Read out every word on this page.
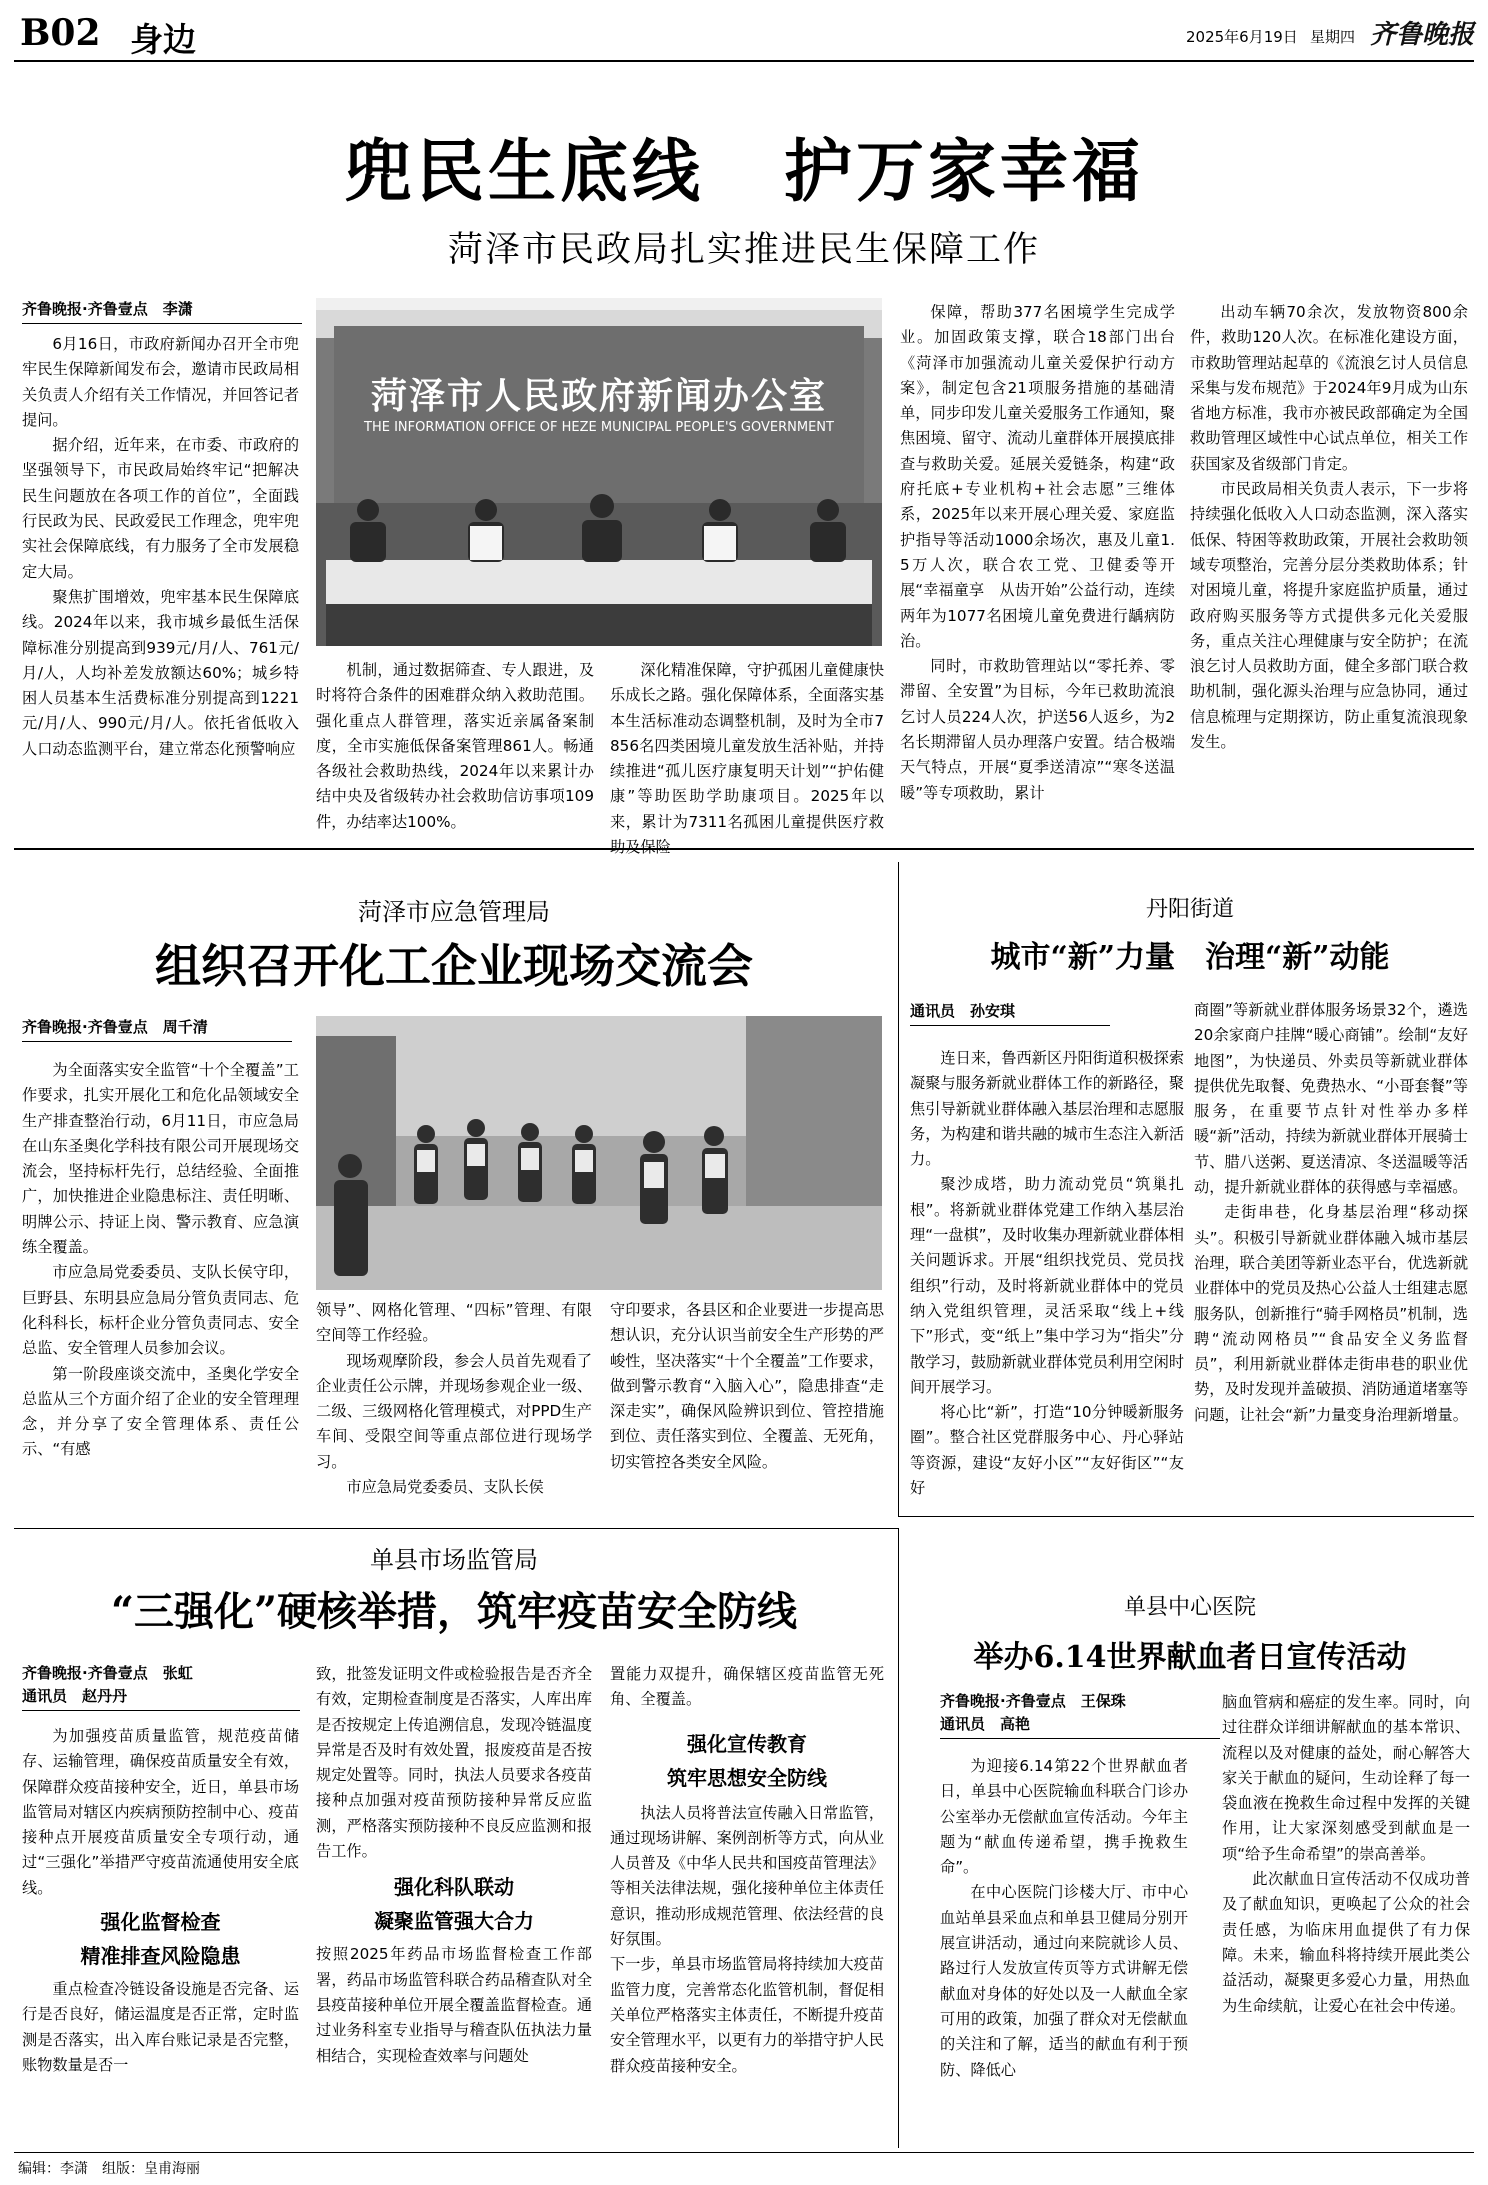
B02 身边	2025年6月19日 星期四 齐鲁晚报
兜民生底线 护万家幸福
菏泽市民政局扎实推进民生保障工作
齐鲁晚报·齐鲁壹点　李潇

6月16日，市政府新闻办召开全市兜牢民生保障新闻发布会，邀请市民政局相关负责人介绍有关工作情况，并回答记者提问。

据介绍，近年来，在市委、市政府的坚强领导下，市民政局始终牢记“把解决民生问题放在各项工作的首位”，全面践行民政为民、民政爱民工作理念，兜牢兜实社会保障底线，有力服务了全市发展稳定大局。

聚焦扩围增效，兜牢基本民生保障底线。2024年以来，我市城乡最低生活保障标准分别提高到939元/月/人、761元/月/人，人均补差发放额达60%；城乡特困人员基本生活费标准分别提高到1221元/月/人、990元/月/人。依托省低收入人口动态监测平台，建立常态化预警响应

菏泽市人民政府新闻办公室
THE INFORMATION OFFICE OF HEZE MUNICIPAL PEOPLE'S GOVERNMENT

机制，通过数据筛查、专人跟进，及时将符合条件的困难群众纳入救助范围。强化重点人群管理，落实近亲属备案制度，全市实施低保备案管理861人。畅通各级社会救助热线，2024年以来累计办结中央及省级转办社会救助信访事项109件，办结率达100%。

深化精准保障，守护孤困儿童健康快乐成长之路。强化保障体系，全面落实基本生活标准动态调整机制，及时为全市7856名四类困境儿童发放生活补贴，并持续推进“孤儿医疗康复明天计划”“护佑健康”等助医助学助康项目。2025年以来，累计为7311名孤困儿童提供医疗救

保障，帮助377名困境学生完成学业。加固政策支撑，联合18部门出台《菏泽市加强流动儿童关爱保护行动方案》，制定包含21项服务措施的基础清单，同步印发儿童关爱服务工作通知，聚焦困境、留守、流动儿童群体开展摸底排查与救助关爱。延展关爱链条，构建“政府托底+专业机构+社会志愿”三维体系，2025年以来开展心理关爱、家庭监护指导等活动1000余场次，惠及儿童1.5万人次，联合农工党、卫健委等开展“幸福童享　从齿开始”公益行动，连续两年为1077名困境儿童免费进行龋病防治。

同时，市救助管理站以“零托养、零滞留、全安置”为目标，今年已救助流浪乞讨人员224人次，护送56人返乡，为2名长期滞留人员办理落户安置。结合极端天气特点，开展“夏季送清凉”“寒冬送温暖”等专项救助，累计

出动车辆70余次，发放物资800余件，救助120人次。在标准化建设方面，市救助管理站起草的《流浪乞讨人员信息采集与发布规范》于2024年9月成为山东省地方标准，我市亦被民政部确定为全国救助管理区域性中心试点单位，相关工作获国家及省级部门肯定。

市民政局相关负责人表示，下一步将持续强化低收入人口动态监测，深入落实低保、特困等救助政策，开展社会救助领域专项整治，完善分层分类救助体系；针对困境儿童，将提升家庭监护质量，通过政府购买服务等方式提供多元化关爱服务，重点关注心理健康与安全防护；在流浪乞讨人员救助方面，健全多部门联合救助机制，强化源头治理与应急协同，通过信息梳理与定期探访，防止重复流浪现象发生。

菏泽市应急管理局
组织召开化工企业现场交流会
齐鲁晚报·齐鲁壹点　周千清

为全面落实安全监管“十个全覆盖”工作要求，扎实开展化工和危化品领域安全生产排查整治行动，6月11日，市应急局在山东圣奥化学科技有限公司开展现场交流会，坚持标杆先行，总结经验、全面推广，加快推进企业隐患标注、责任明晰、明牌公示、持证上岗、警示教育、应急演练全覆盖。

市应急局党委委员、支队长侯守印，巨野县、东明县应急局分管负责同志、危化科科长，标杆企业分管负责同志、安全总监、安全管理人员参加会议。

第一阶段座谈交流中，圣奥化学安全总监从三个方面介绍了企业的安全管理理念，并分享了安全管理体系、责任公示、“有感

领导”、网格化管理、“四标”管理、有限空间等工作经验。

现场观摩阶段，参会人员首先观看了企业责任公示牌，并现场参观企业一级、二级、三级网格化管理模式，对PPD生产车间、受限空间等重点部位进行现场学习。

市应急局党委委员、支队长侯

守印要求，各县区和企业要进一步提高思想认识，充分认识当前安全生产形势的严峻性，坚决落实“十个全覆盖”工作要求，做到警示教育“入脑入心”，隐患排查“走深走实”，确保风险辨识到位、管控措施到位、责任落实到位、全覆盖、无死角，切实管控各类安全风险。

丹阳街道
城市“新”力量　治理“新”动能
通讯员　孙安琪

连日来，鲁西新区丹阳街道积极探索凝聚与服务新就业群体工作的新路径，聚焦引导新就业群体融入基层治理和志愿服务，为构建和谐共融的城市生态注入新活力。

聚沙成塔，助力流动党员“筑巢扎根”。将新就业群体党建工作纳入基层治理“一盘棋”，及时收集办理新就业群体相关问题诉求。开展“组织找党员、党员找组织”行动，及时将新就业群体中的党员纳入党组织管理，灵活采取“线上+线下”形式，变“纸上”集中学习为“指尖”分散学习，鼓励新就业群体党员利用空闲时间开展学习。

将心比“新”，打造“10分钟暖新服务圈”。整合社区党群服务中心、丹心驿站等资源，建设“友好小区”“友好街区”“友好

商圈”等新就业群体服务场景32个，遴选20余家商户挂牌“暖心商铺”。绘制“友好地图”，为快递员、外卖员等新就业群体提供优先取餐、免费热水、“小哥套餐”等服务，在重要节点针对性举办多样暖“新”活动，持续为新就业群体开展骑士节、腊八送粥、夏送清凉、冬送温暖等活动，提升新就业群体的获得感与幸福感。

走街串巷，化身基层治理“移动探头”。积极引导新就业群体融入城市基层治理，联合美团等新业态平台，优选新就业群体中的党员及热心公益人士组建志愿服务队，创新推行“骑手网格员”机制，选聘“流动网格员”“食品安全义务监督员”，利用新就业群体走街串巷的职业优势，及时发现并盖破损、消防通道堵塞等问题，让社会“新”力量变身治理新增量。

单县市场监管局
“三强化”硬核举措，筑牢疫苗安全防线
齐鲁晚报·齐鲁壹点　张虹
通讯员　赵丹丹

为加强疫苗质量监管，规范疫苗储存、运输管理，确保疫苗质量安全有效，保障群众疫苗接种安全，近日，单县市场监管局对辖区内疾病预防控制中心、疫苗接种点开展疫苗质量安全专项行动，通过“三强化”举措严守疫苗流通使用安全底线。

强化监督检查
精准排查风险隐患

重点检查冷链设备设施是否完备、运行是否良好，储运温度是否正常，定时监测是否落实，出入库台账记录是否完整，账物数量是否一

致，批签发证明文件或检验报告是否齐全有效，定期检查制度是否落实，人库出库是否按规定上传追溯信息，发现冷链温度异常是否及时有效处置，报废疫苗是否按规定处置等。同时，执法人员要求各疫苗接种点加强对疫苗预防接种异常反应监测，严格落实预防接种不良反应监测和报告工作。

强化科队联动
凝聚监管强大合力

按照2025年药品市场监督检查工作部署，药品市场监管科联合药品稽查队对全县疫苗接种单位开展全覆盖监督检查。通过业务科室专业指导与稽查队伍执法力量相结合，实现检查效率与问题处

置能力双提升，确保辖区疫苗监管无死角、全覆盖。

强化宣传教育
筑牢思想安全防线

执法人员将普法宣传融入日常监管，通过现场讲解、案例剖析等方式，向从业人员普及《中华人民共和国疫苗管理法》等相关法律法规，强化接种单位主体责任意识，推动形成规范管理、依法经营的良好氛围。
下一步，单县市场监管局将持续加大疫苗监管力度，完善常态化监管机制，督促相关单位严格落实主体责任，不断提升疫苗安全管理水平，以更有力的举措守护人民群众疫苗接种安全。

单县中心医院
举办6.14世界献血者日宣传活动
齐鲁晚报·齐鲁壹点　王保珠
通讯员　高艳

为迎接6.14第22个世界献血者日，单县中心医院输血科联合门诊办公室举办无偿献血宣传活动。今年主题为“献血传递希望，携手挽救生命”。

在中心医院门诊楼大厅、市中心血站单县采血点和单县卫健局分别开展宣讲活动，通过向来院就诊人员、路过行人发放宣传页等方式讲解无偿献血对身体的好处以及一人献血全家可用的政策，加强了群众对无偿献血的关注和了解，适当的献血有利于预防、降低心

脑血管病和癌症的发生率。同时，向过往群众详细讲解献血的基本常识、流程以及对健康的益处，耐心解答大家关于献血的疑问，生动诠释了每一袋血液在挽救生命过程中发挥的关键作用，让大家深刻感受到献血是一项“给予生命希望”的崇高善举。

此次献血日宣传活动不仅成功普及了献血知识，更唤起了公众的社会责任感，为临床用血提供了有力保障。未来，输血科将持续开展此类公益活动，凝聚更多爱心力量，用热血为生命续航，让爱心在社会中传递。

编辑：李潇　组版：皇甫海丽
